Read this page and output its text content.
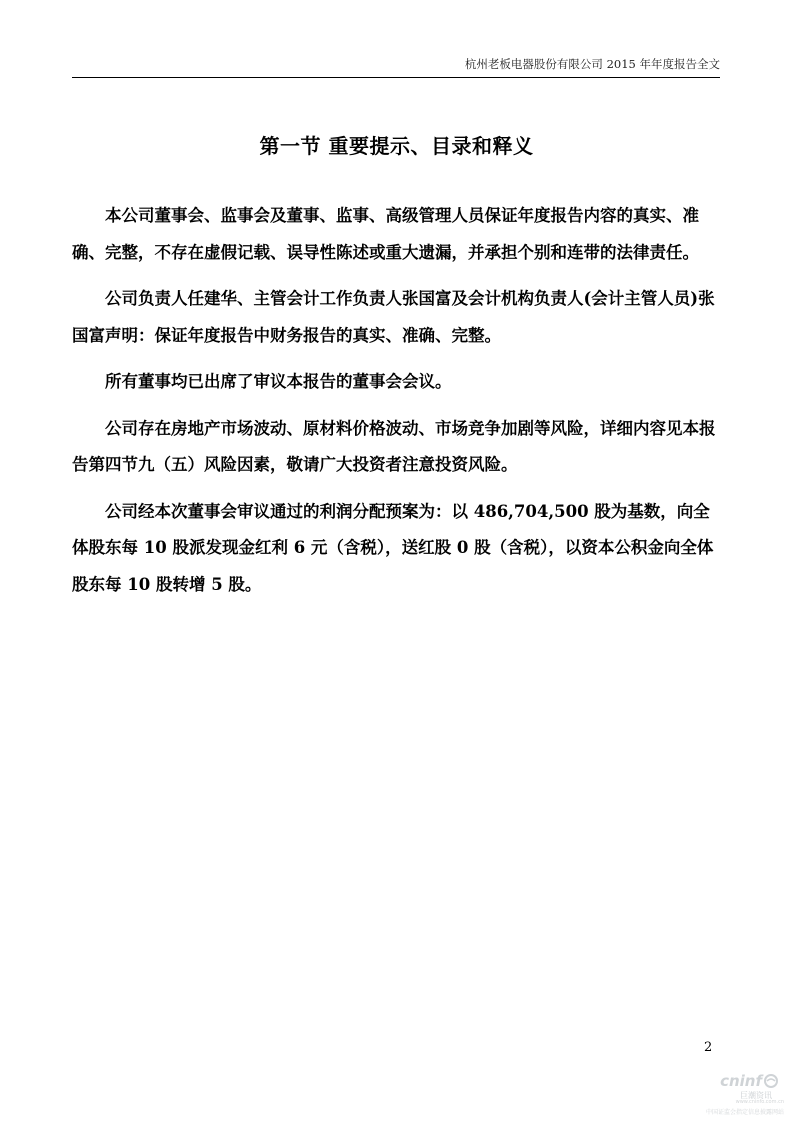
杭州老板电器股份有限公司 2015 年年度报告全文
第一节 重要提示、目录和释义

本公司董事会、监事会及董事、监事、高级管理人员保证年度报告内容的真实、准确、完整，不存在虚假记载、误导性陈述或重大遗漏，并承担个别和连带的法律责任。

公司负责人任建华、主管会计工作负责人张国富及会计机构负责人(会计主管人员)张国富声明：保证年度报告中财务报告的真实、准确、完整。

所有董事均已出席了审议本报告的董事会会议。

公司存在房地产市场波动、原材料价格波动、市场竞争加剧等风险，详细内容见本报告第四节九（五）风险因素，敬请广大投资者注意投资风险。

公司经本次董事会审议通过的利润分配预案为：以 486,704,500 股为基数，向全体股东每 10 股派发现金红利 6 元（含税），送红股 0 股（含税），以资本公积金向全体股东每 10 股转增 5 股。

2
cninf
巨潮资讯
www.cninfo.com.cn
中国证监会指定信息披露网站
